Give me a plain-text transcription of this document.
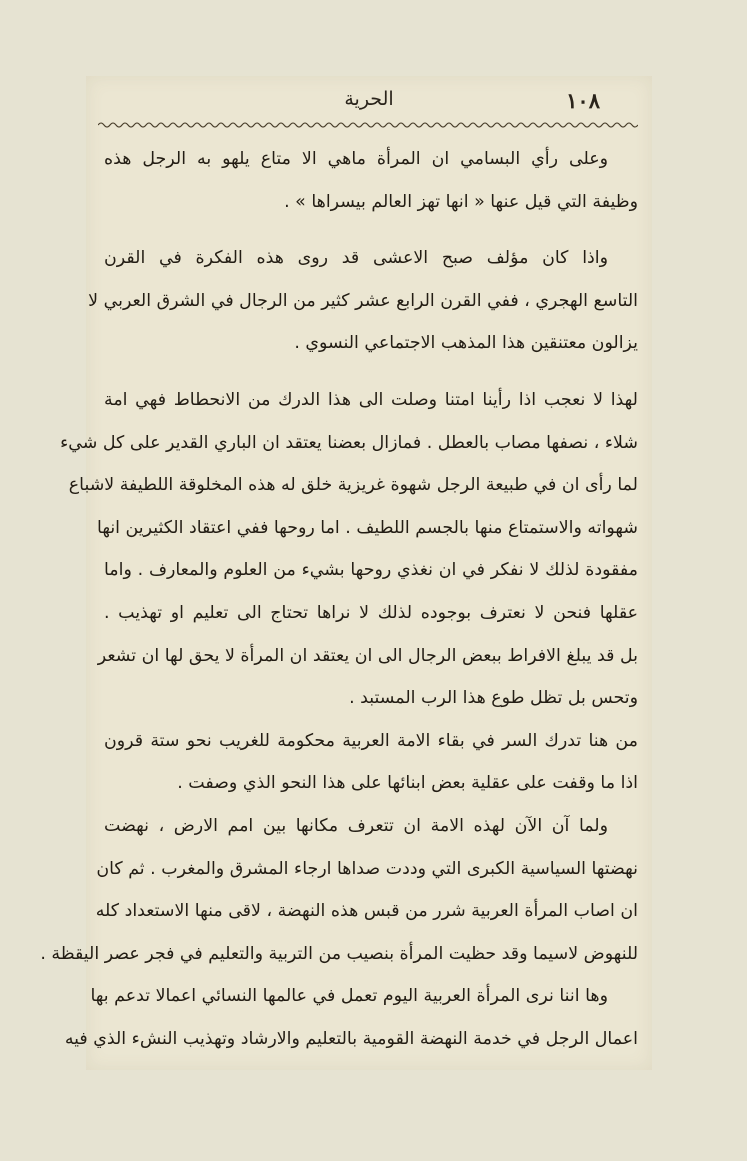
١٠٨
الحرية
وعلى رأي البسامي ان المرأة ماهي الا متاع يلهو به الرجل هذه
وظيفة التي قيل عنها « انها تهز العالم بيسراها » .
واذا كان مؤلف صبح الاعشى قد روى هذه الفكرة في القرن
التاسع الهجري ، ففي القرن الرابع عشر كثير من الرجال في الشرق العربي لا
يزالون معتنقين هذا المذهب الاجتماعي النسوي .
لهذا لا نعجب اذا رأينا امتنا وصلت الى هذا الدرك من الانحطاط فهي امة
شلاء ، نصفها مصاب بالعطل . فمازال بعضنا يعتقد ان الباري القدير على كل شيء
لما رأى ان في طبيعة الرجل شهوة غريزية خلق له هذه المخلوقة اللطيفة لاشباع
شهواته والاستمتاع منها بالجسم اللطيف . اما روحها ففي اعتقاد الكثيرين انها
مفقودة لذلك لا نفكر في ان نغذي روحها بشيء من العلوم والمعارف . واما
عقلها فنحن لا نعترف بوجوده لذلك لا نراها تحتاج الى تعليم او تهذيب .
بل قد يبلغ الافراط ببعض الرجال الى ان يعتقد ان المرأة لا يحق لها ان تشعر
وتحس بل تظل طوع هذا الرب المستبد .
من هنا تدرك السر في بقاء الامة العربية محكومة للغريب نحو ستة قرون
اذا ما وقفت على عقلية بعض ابنائها على هذا النحو الذي وصفت .
ولما آن الآن لهذه الامة ان تتعرف مكانها بين امم الارض ، نهضت
نهضتها السياسية الكبرى التي وددت صداها ارجاء المشرق والمغرب . ثم كان
ان اصاب المرأة العربية شرر من قبس هذه النهضة ، لاقى منها الاستعداد كله
للنهوض لاسيما وقد حظيت المرأة بنصيب من التربية والتعليم في فجر عصر اليقظة .
وها اننا نرى المرأة العربية اليوم تعمل في عالمها النسائي اعمالا تدعم بها
اعمال الرجل في خدمة النهضة القومية بالتعليم والارشاد وتهذيب النشء الذي فيه
